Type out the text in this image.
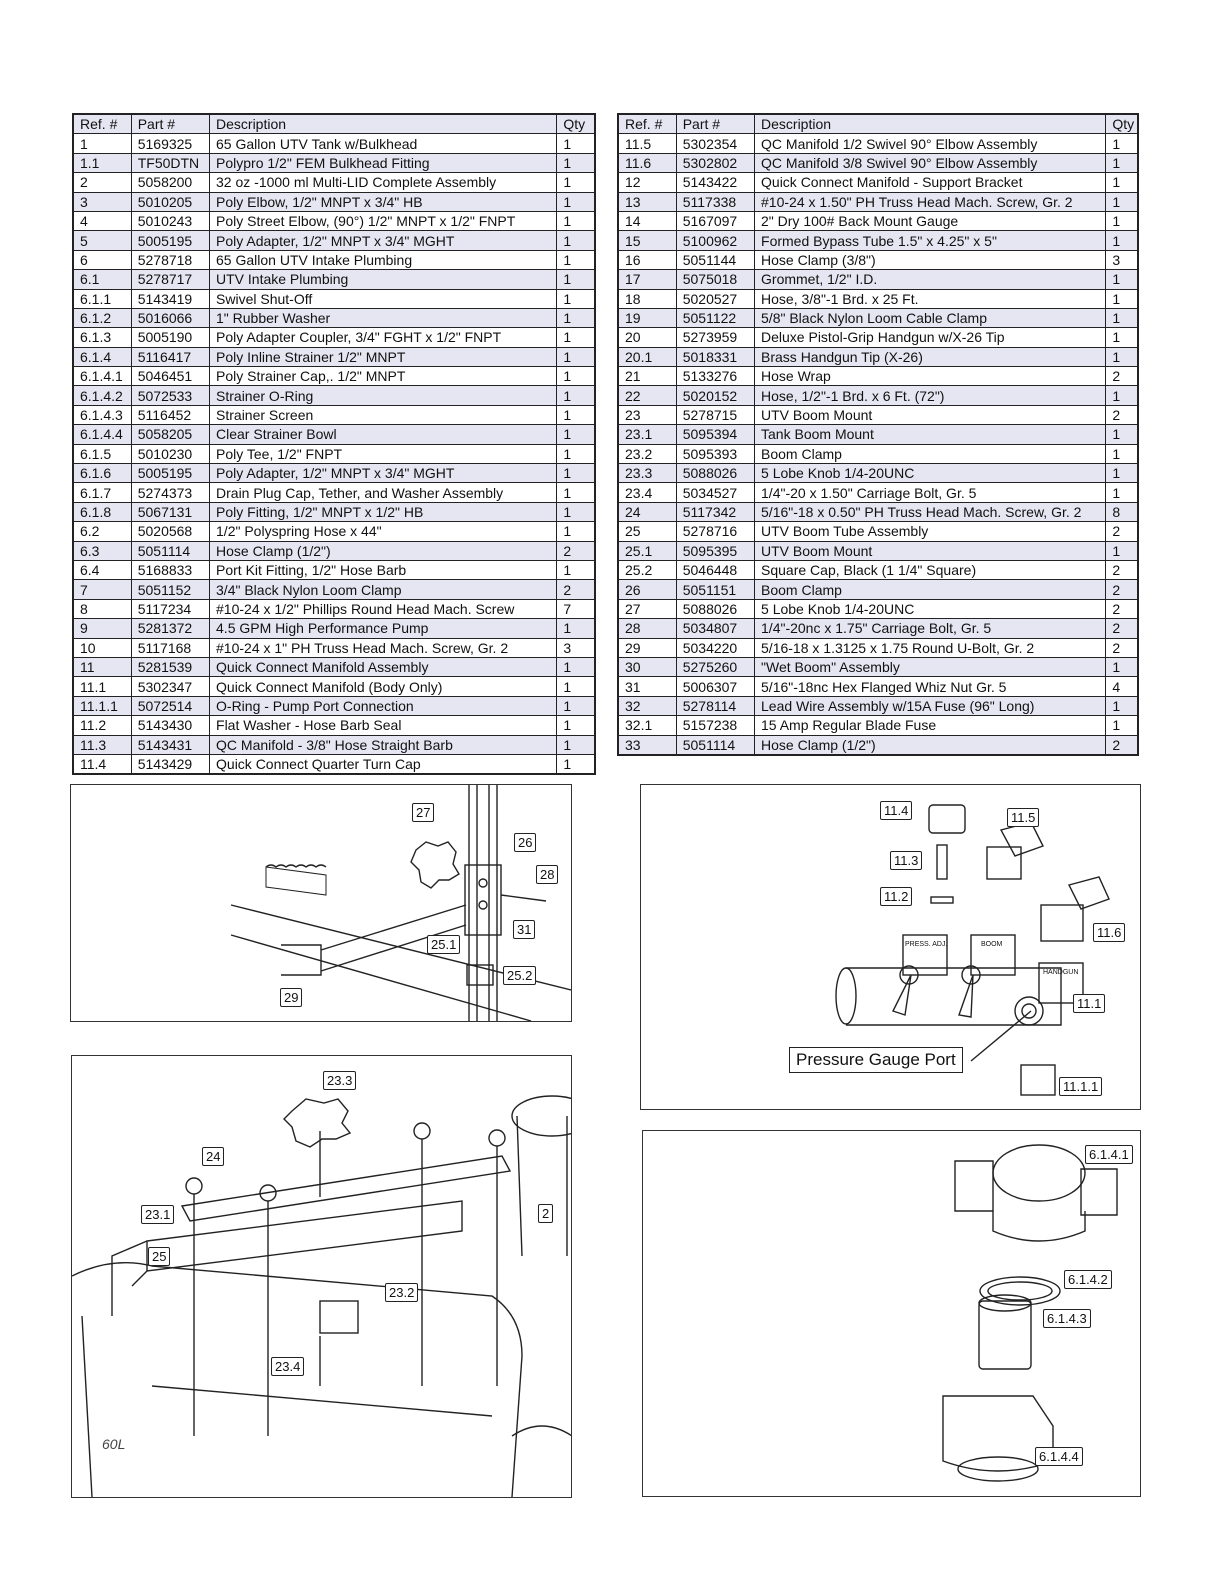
Ref. #	Part #	Description	Qty
1	5169325	65 Gallon UTV Tank w/Bulkhead	1
1.1	TF50DTN	Polypro 1/2" FEM Bulkhead Fitting	1
2	5058200	32 oz -1000 ml Multi-LID Complete Assembly	1
3	5010205	Poly Elbow, 1/2" MNPT x 3/4" HB	1
4	5010243	Poly Street Elbow, (90°) 1/2" MNPT x 1/2" FNPT	1
5	5005195	Poly Adapter, 1/2" MNPT x 3/4" MGHT	1
6	5278718	65 Gallon UTV Intake Plumbing	1
6.1	5278717	UTV Intake Plumbing	1
6.1.1	5143419	Swivel Shut-Off	1
6.1.2	5016066	1" Rubber Washer	1
6.1.3	5005190	Poly Adapter Coupler, 3/4" FGHT x 1/2" FNPT	1
6.1.4	5116417	Poly Inline Strainer 1/2" MNPT	1
6.1.4.1	5046451	Poly Strainer Cap,. 1/2" MNPT	1
6.1.4.2	5072533	Strainer O-Ring	1
6.1.4.3	5116452	Strainer Screen	1
6.1.4.4	5058205	Clear Strainer Bowl	1
6.1.5	5010230	Poly Tee, 1/2" FNPT	1
6.1.6	5005195	Poly Adapter, 1/2" MNPT x 3/4" MGHT	1
6.1.7	5274373	Drain Plug Cap, Tether, and Washer Assembly	1
6.1.8	5067131	Poly Fitting, 1/2" MNPT x 1/2" HB	1
6.2	5020568	1/2" Polyspring Hose x 44"	1
6.3	5051114	Hose Clamp (1/2")	2
6.4	5168833	Port Kit Fitting, 1/2" Hose Barb	1
7	5051152	3/4" Black Nylon Loom Clamp	2
8	5117234	#10-24 x 1/2" Phillips Round Head Mach. Screw	7
9	5281372	4.5 GPM High Performance Pump	1
10	5117168	#10-24 x 1" PH Truss Head Mach. Screw, Gr. 2	3
11	5281539	Quick Connect Manifold Assembly	1
11.1	5302347	Quick Connect Manifold (Body Only)	1
11.1.1	5072514	O-Ring - Pump Port Connection	1
11.2	5143430	Flat Washer - Hose Barb Seal	1
11.3	5143431	QC Manifold - 3/8" Hose Straight Barb	1
11.4	5143429	Quick Connect Quarter Turn Cap	1
Ref. #	Part #	Description	Qty
11.5	5302354	QC Manifold 1/2 Swivel 90° Elbow Assembly	1
11.6	5302802	QC Manifold 3/8 Swivel 90° Elbow Assembly	1
12	5143422	Quick Connect Manifold - Support Bracket	1
13	5117338	#10-24 x 1.50" PH Truss Head Mach. Screw, Gr. 2	1
14	5167097	2" Dry 100# Back Mount Gauge	1
15	5100962	Formed Bypass Tube 1.5" x 4.25" x 5"	1
16	5051144	Hose Clamp (3/8")	3
17	5075018	Grommet, 1/2" I.D.	1
18	5020527	Hose, 3/8"-1 Brd. x 25 Ft.	1
19	5051122	5/8" Black Nylon Loom Cable Clamp	1
20	5273959	Deluxe Pistol-Grip Handgun w/X-26 Tip	1
20.1	5018331	Brass Handgun Tip (X-26)	1
21	5133276	Hose Wrap	2
22	5020152	Hose, 1/2"-1 Brd. x 6 Ft. (72")	1
23	5278715	UTV Boom Mount	2
23.1	5095394	Tank Boom Mount	1
23.2	5095393	Boom Clamp	1
23.3	5088026	5 Lobe Knob 1/4-20UNC	1
23.4	5034527	1/4"-20 x 1.50" Carriage Bolt, Gr. 5	1
24	5117342	5/16"-18 x 0.50" PH Truss Head Mach. Screw, Gr. 2	8
25	5278716	UTV Boom Tube Assembly	2
25.1	5095395	UTV Boom Mount	1
25.2	5046448	Square Cap, Black (1 1/4" Square)	2
26	5051151	Boom Clamp	2
27	5088026	5 Lobe Knob 1/4-20UNC	2
28	5034807	1/4"-20nc x 1.75" Carriage Bolt, Gr. 5	2
29	5034220	5/16-18 x 1.3125 x 1.75 Round U-Bolt, Gr. 2	2
30	5275260	"Wet Boom" Assembly	1
31	5006307	5/16"-18nc Hex Flanged Whiz Nut Gr. 5	4
32	5278114	Lead Wire Assembly w/15A Fuse (96" Long)	1
32.1	5157238	15 Amp Regular Blade Fuse	1
33	5051114	Hose Clamp (1/2")	2
27
26
28
31
25.1
25.2
29
11.4	11.5
11.3
11.2
11.6
11.1
11.1.1
PRESS. ADJ.	BOOM
HANDGUN
Pressure Gauge Port
23.3
24
23.1	2
25
23.2
23.4
60L
6.1.4.1
6.1.4.2
6.1.4.3
6.1.4.4
